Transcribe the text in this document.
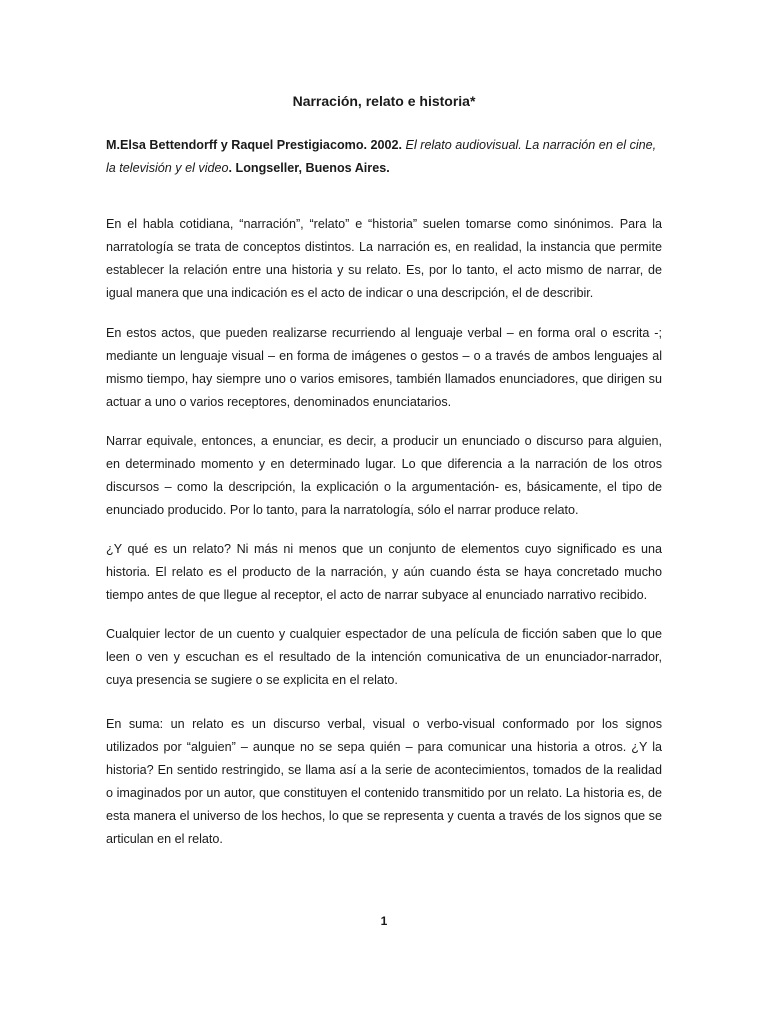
Narración, relato e historia*
M.Elsa Bettendorff y Raquel Prestigiacomo. 2002. El relato audiovisual. La narración en el cine, la televisión y el video. Longseller, Buenos Aires.
En el habla cotidiana, “narración”, “relato” e “historia” suelen tomarse como sinónimos. Para la narratología se trata de conceptos distintos. La narración es, en realidad, la instancia que permite establecer la relación entre una historia y su relato. Es, por lo tanto, el acto mismo de narrar, de igual manera que una indicación es el acto de indicar o una descripción, el de describir.
En estos actos, que pueden realizarse recurriendo al lenguaje verbal – en forma oral o escrita -; mediante un lenguaje visual – en forma de imágenes o gestos – o a través de ambos lenguajes al mismo tiempo, hay siempre uno o varios emisores, también llamados enunciadores, que dirigen su actuar a uno o varios receptores, denominados enunciatarios.
Narrar equivale, entonces, a enunciar, es decir, a producir un enunciado o discurso para alguien, en determinado momento y en determinado lugar. Lo que diferencia a la narración de los otros discursos – como la descripción, la explicación o la argumentación- es, básicamente, el tipo de enunciado producido. Por lo tanto, para la narratología, sólo el narrar produce relato.
¿Y qué es un relato? Ni más ni menos que un conjunto de elementos cuyo significado es una historia. El relato es el producto de la narración, y aún cuando ésta se haya concretado mucho tiempo antes de que llegue al receptor, el acto de narrar subyace al enunciado narrativo recibido.
Cualquier lector de un cuento y cualquier espectador de una película de ficción saben que lo que leen o ven y escuchan es el resultado de la intención comunicativa de un enunciador-narrador, cuya presencia se sugiere o se explicita en el relato.
En suma: un relato es un discurso verbal, visual o verbo-visual conformado por los signos utilizados por “alguien” – aunque no se sepa quién – para comunicar una historia a otros. ¿Y la historia? En sentido restringido, se llama así a la serie de acontecimientos, tomados de la realidad o imaginados por un autor, que constituyen el contenido transmitido por un relato. La historia es, de esta manera el universo de los hechos, lo que se representa y cuenta a través de los signos que se articulan en el relato.
1
